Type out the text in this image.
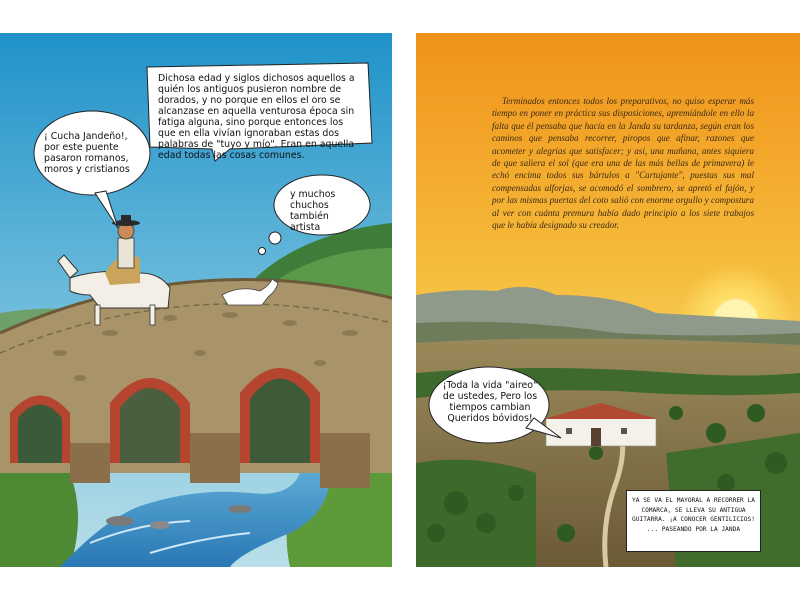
Dichosa edad y siglos dichosos aquellos a quién los antiguos pusieron nombre de dorados, y no porque en ellos el oro se alcanzase en aquella venturosa época sin fatiga alguna, sino porque entonces los que en ella vivían ignoraban estas dos palabras de "tuyo y mío". Eran en aquella edad todas las cosas comunes.
¡ Cucha Jandeño!, por este puente pasaron romanos, moros y cristianos
y muchos chuchos también artista
Terminados entonces todos los preparativos, no quiso esperar más tiempo en poner en práctica sus disposiciones, apremiándole en ello la falta que él pensaba que hacía en la Janda su tardanza, según eran los caminos que pensaba recorrer, piropos que afinar, razones que acometer y alegrías que satisfacer; y así, una mañana, antes siquiera de que saliera el sol (que era una de las más bellas de primavera) le echó encima todos sus bártulos a "Cartujante", puestas sus mal compensadas alforjas, se acomodó el sombrero, se apretó el fajón, y por las mismas puertas del coto salió con enorme orgullo y compostura al ver con cuánta premura había dado principio a los siete trabajos que le había designado su creador.
¡Toda la vida "aireo" de ustedes, Pero los tiempos cambian Queridos bóvidos!
YA SE VA EL MAYORAL A RECORRER LA COMARCA, SE LLEVA SU ANTIGUA GUITARRA. ¡A CONOCER GENTILICIOS! ... PASEANDO POR LA JANDA
